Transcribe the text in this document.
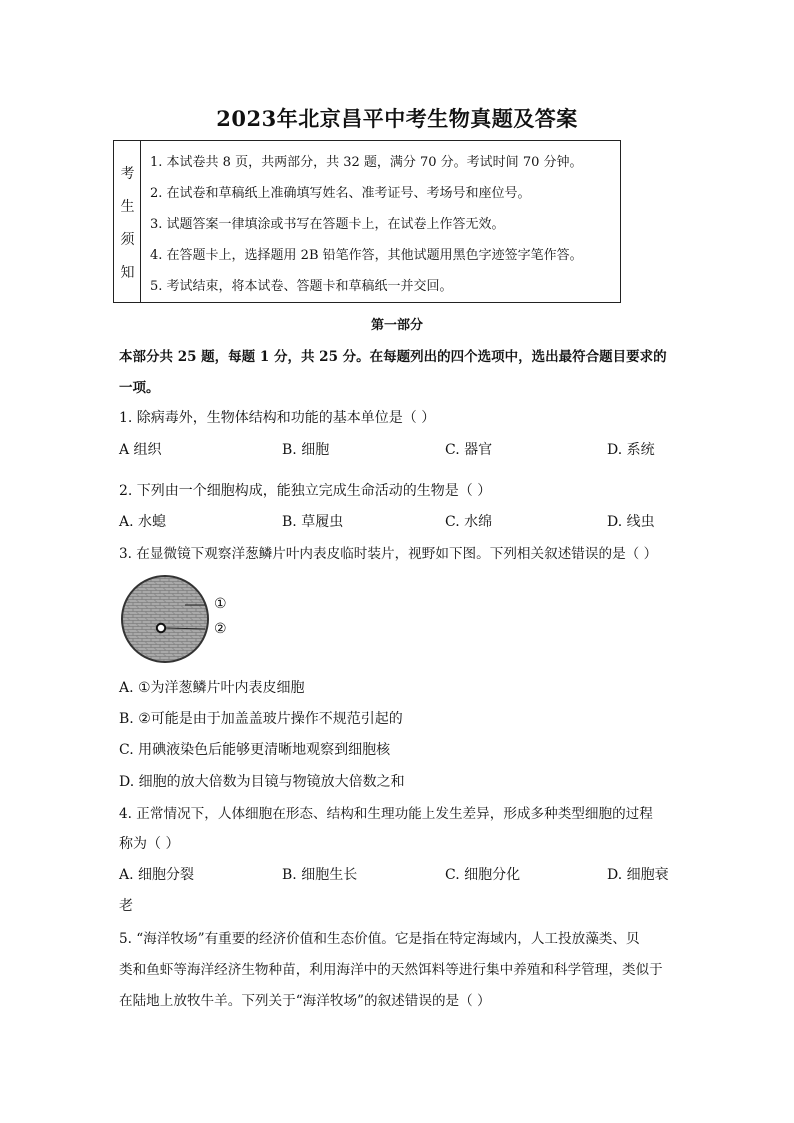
2023年北京昌平中考生物真题及答案
考
生
须
知
1. 本试卷共 8 页，共两部分，共 32 题，满分 70 分。考试时间 70 分钟。
2. 在试卷和草稿纸上准确填写姓名、准考证号、考场号和座位号。
3. 试题答案一律填涂或书写在答题卡上，在试卷上作答无效。
4. 在答题卡上，选择题用 2B 铅笔作答，其他试题用黑色字迹签字笔作答。
5. 考试结束，将本试卷、答题卡和草稿纸一并交回。
第一部分
本部分共 25 题，每题 1 分，共 25 分。在每题列出的四个选项中，选出最符合题目要求的
一项。
1. 除病毒外，生物体结构和功能的基本单位是（ ）
A 组织	B. 细胞	C. 器官	D. 系统
2. 下列由一个细胞构成，能独立完成生命活动的生物是（ ）
A. 水螅	B. 草履虫	C. 水绵	D. 线虫
3. 在显微镜下观察洋葱鳞片叶内表皮临时装片，视野如下图。下列相关叙述错误的是（ ）
①
②
A. ①为洋葱鳞片叶内表皮细胞
B. ②可能是由于加盖盖玻片操作不规范引起的
C. 用碘液染色后能够更清晰地观察到细胞核
D. 细胞的放大倍数为目镜与物镜放大倍数之和
4. 正常情况下，人体细胞在形态、结构和生理功能上发生差异，形成多种类型细胞的过程
称为（ ）
A. 细胞分裂	B. 细胞生长	C. 细胞分化	D. 细胞衰
老
5. “海洋牧场”有重要的经济价值和生态价值。它是指在特定海域内，人工投放藻类、贝
类和鱼虾等海洋经济生物种苗，利用海洋中的天然饵料等进行集中养殖和科学管理，类似于
在陆地上放牧牛羊。下列关于“海洋牧场”的叙述错误的是（ ）
